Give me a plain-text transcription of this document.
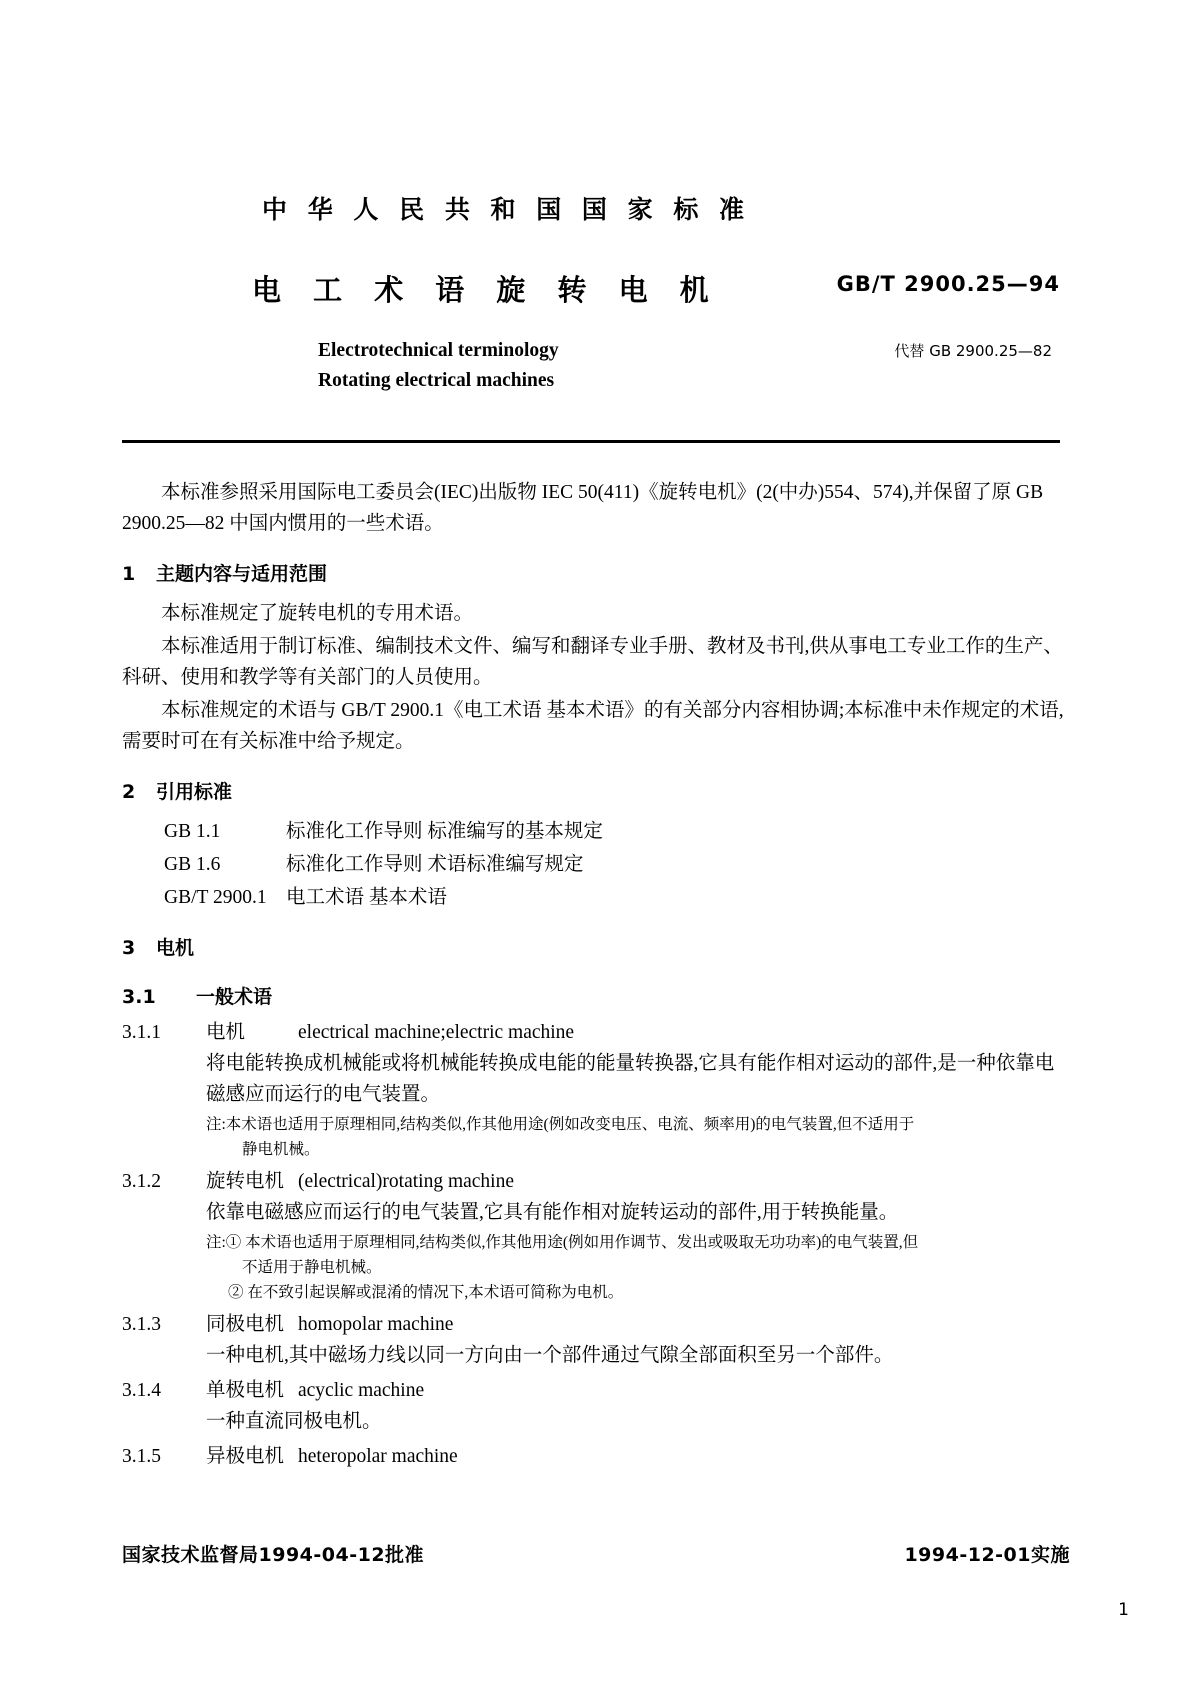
中 华 人 民 共 和 国 国 家 标 准
电 工 术 语 旋 转 电 机	GB/T 2900.25—94
Electrotechnical terminology
Rotating electrical machines
代替 GB 2900.25—82

本标准参照采用国际电工委员会(IEC)出版物 IEC 50(411)《旋转电机》(2(中办)554、574),并保留了原 GB 2900.25—82 中国内惯用的一些术语。

1 主题内容与适用范围

本标准规定了旋转电机的专用术语。

本标准适用于制订标准、编制技术文件、编写和翻译专业手册、教材及书刊,供从事电工专业工作的生产、科研、使用和教学等有关部门的人员使用。

本标准规定的术语与 GB/T 2900.1《电工术语 基本术语》的有关部分内容相协调;本标准中未作规定的术语,需要时可在有关标准中给予规定。

2 引用标准

GB 1.1	标准化工作导则 标准编写的基本规定

GB 1.6	标准化工作导则 术语标准编写规定

GB/T 2900.1 电工术语 基本术语

3 电机
3.1 一般术语

3.1.1 电机	electrical machine;electric machine

将电能转换成机械能或将机械能转换成电能的能量转换器,它具有能作相对运动的部件,是一种依靠电磁感应而运行的电气装置。

注:本术语也适用于原理相同,结构类似,作其他用途(例如改变电压、电流、频率用)的电气装置,但不适用于

静电机械。

3.1.2 旋转电机 (electrical)rotating machine

依靠电磁感应而运行的电气装置,它具有能作相对旋转运动的部件,用于转换能量。

注:① 本术语也适用于原理相同,结构类似,作其他用途(例如用作调节、发出或吸取无功功率)的电气装置,但

不适用于静电机械。

② 在不致引起误解或混淆的情况下,本术语可简称为电机。

3.1.3 同极电机 homopolar machine

一种电机,其中磁场力线以同一方向由一个部件通过气隙全部面积至另一个部件。

3.1.4 单极电机 acyclic machine

一种直流同极电机。

3.1.5 异极电机 heteropolar machine

国家技术监督局1994-04-12批准	1994-12-01实施
1
